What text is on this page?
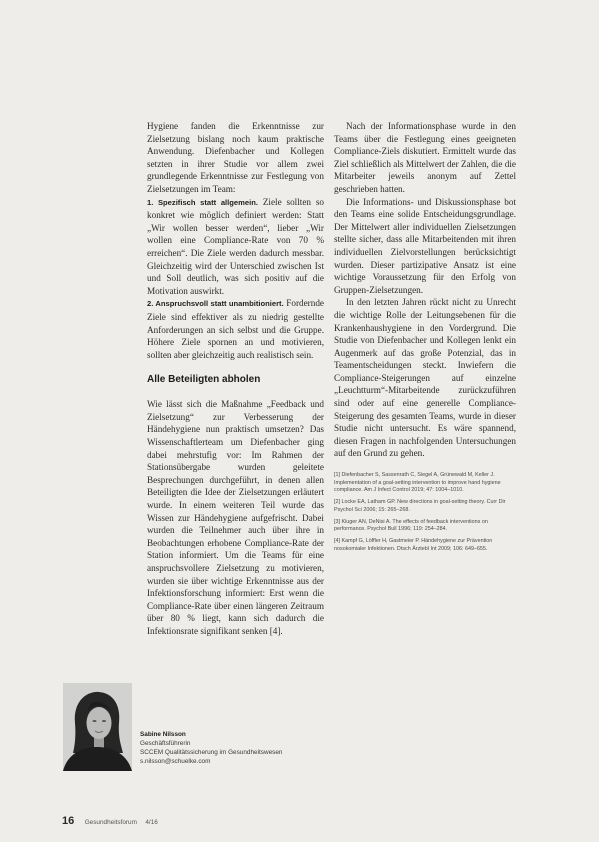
Hygiene fanden die Erkenntnisse zur Zielsetzung bislang noch kaum praktische Anwendung. Diefenbacher und Kollegen setzten in ihrer Studie vor allem zwei grundlegende Erkenntnisse zur Festlegung von Zielsetzungen im Team:

1. Spezifisch statt allgemein. Ziele sollten so konkret wie möglich definiert werden: Statt „Wir wollen besser werden“, lieber „Wir wollen eine Compliance-Rate von 70 % erreichen“. Die Ziele werden dadurch messbar. Gleichzeitig wird der Unterschied zwischen Ist und Soll deutlich, was sich positiv auf die Motivation auswirkt.

2. Anspruchsvoll statt unambitioniert. Fordernde Ziele sind effektiver als zu niedrig gestellte Anforderungen an sich selbst und die Gruppe. Höhere Ziele spornen an und motivieren, sollten aber gleichzeitig auch realistisch sein.

Alle Beteiligten abholen

Wie lässt sich die Maßnahme „Feedback und Zielsetzung“ zur Verbesserung der Händehygiene nun praktisch umsetzen? Das Wissenschaftlerteam um Diefenbacher ging dabei mehrstufig vor: Im Rahmen der Stationsübergabe wurden geleitete Besprechungen durchgeführt, in denen allen Beteiligten die Idee der Zielsetzungen erläutert wurde. In einem weiteren Teil wurde das Wissen zur Händehygiene aufgefrischt. Dabei wurden die Teilnehmer auch über ihre in Beobachtungen erhobene Compliance-Rate der Station informiert. Um die Teams für eine anspruchsvollere Zielsetzung zu motivieren, wurden sie über wichtige Erkenntnisse aus der Infektionsforschung informiert: Erst wenn die Compliance-Rate über einen längeren Zeitraum über 80 % liegt, kann sich dadurch die Infektionsrate signifikant senken [4].

Nach der Informationsphase wurde in den Teams über die Festlegung eines geeigneten Compliance-Ziels diskutiert. Ermittelt wurde das Ziel schließlich als Mittelwert der Zahlen, die die Mitarbeiter jeweils anonym auf Zettel geschrieben hatten.

Die Informations- und Diskussionsphase bot den Teams eine solide Entscheidungsgrundlage. Der Mittelwert aller individuellen Zielsetzungen stellte sicher, dass alle Mitarbeitenden mit ihren individuellen Zielvorstellungen berücksichtigt wurden. Dieser partizipative Ansatz ist eine wichtige Voraussetzung für den Erfolg von Gruppen-Zielsetzungen.

In den letzten Jahren rückt nicht zu Unrecht die wichtige Rolle der Leitungsebenen für die Krankenhaushygiene in den Vordergrund. Die Studie von Diefenbacher und Kollegen lenkt ein Augenmerk auf das große Potenzial, das in Teamentscheidungen steckt. Inwiefern die Compliance-Steigerungen auf einzelne „Leuchtturm“-Mitarbeitende zurückzuführen sind oder auf eine generelle Compliance-Steigerung des gesamten Teams, wurde in dieser Studie nicht untersucht. Es wäre spannend, diesen Fragen in nachfolgenden Untersuchungen auf den Grund zu gehen.

[1] Diefenbacher S, Sassenrath C, Siegel A, Grünewald M, Keller J. Implementation of a goal-setting intervention to improve hand hygiene compliance. Am J Infect Control 2019; 47: 1004–1010.

[2] Locke EA, Latham GP. New directions in goal-setting theory. Curr Dir Psychol Sci 2006; 15: 265–268.

[3] Kluger AN, DeNisi A. The effects of feedback interventions on performance. Psychol Bull 1996; 119: 254–284.

[4] Kampf G, Löffler H, Gastmeier P. Händehygiene zur Prävention nosokomialer Infektionen. Dtsch Ärztebl Int 2009; 106: 649–655.

Sabine Nilsson
Geschäftsführerin
SCCEM Qualitätssicherung im Gesundheitswesen
s.nilsson@schuelke.com
16 Gesundheitsforum 4/16
